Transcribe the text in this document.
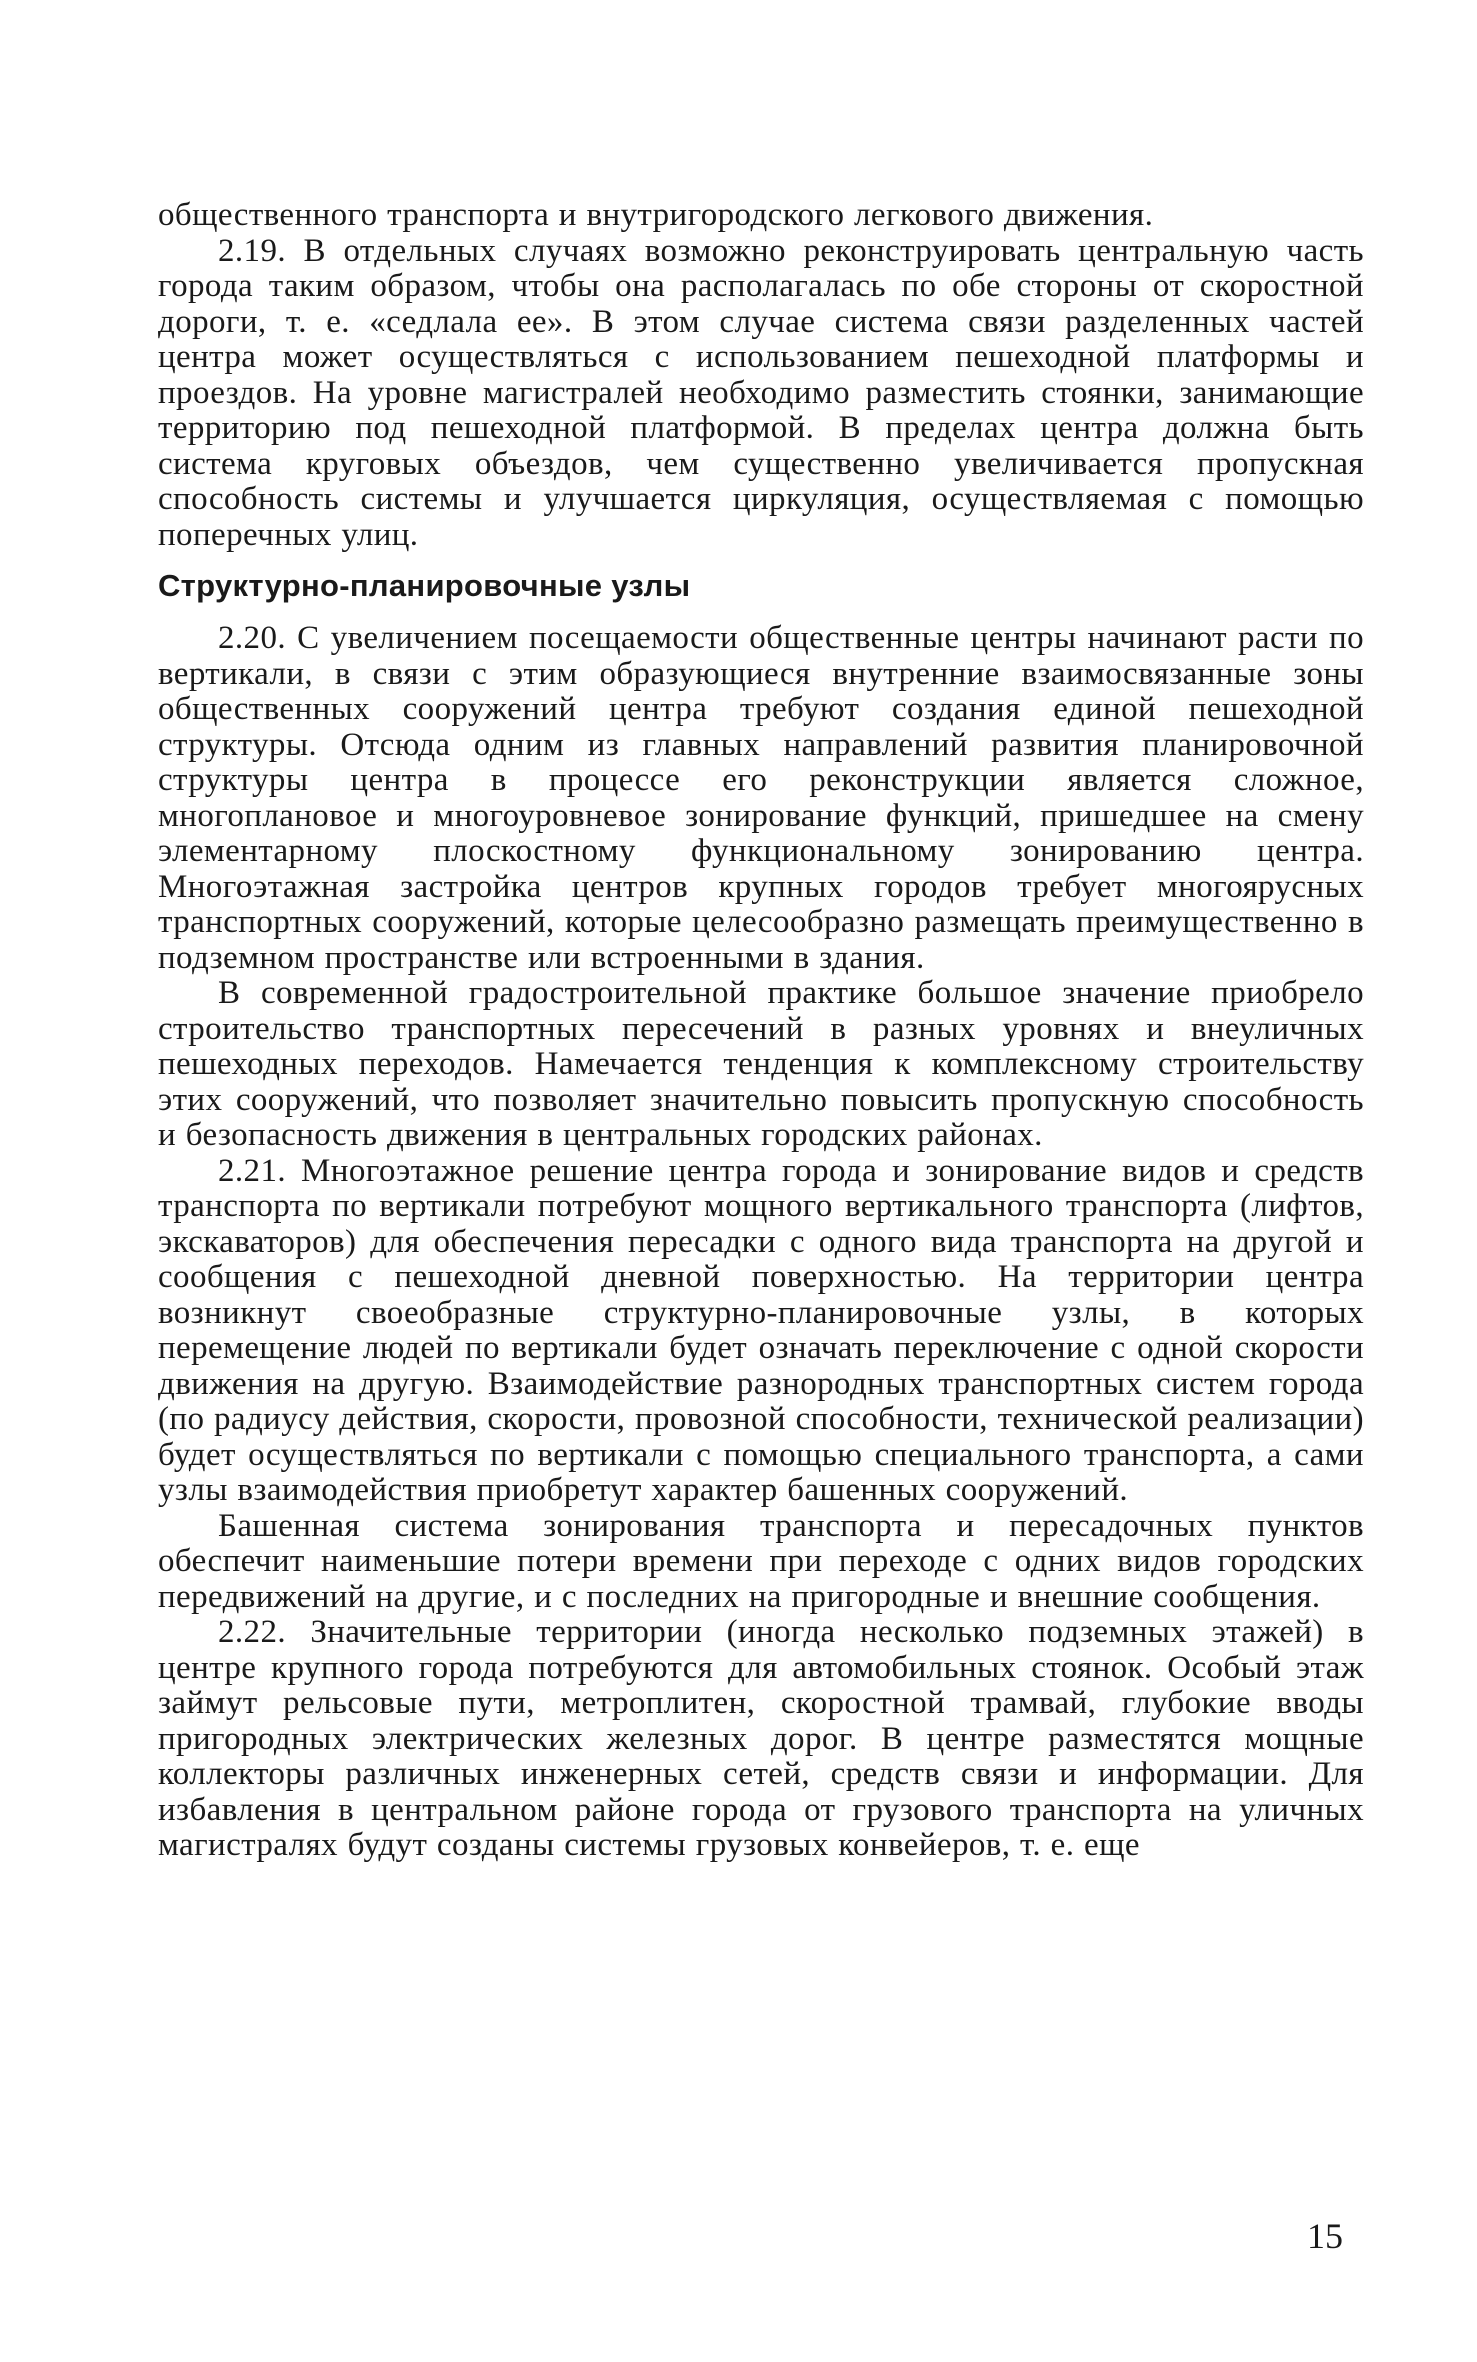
общественного транспорта и внутригородского легкового движения.

2.19. В отдельных случаях возможно реконструировать центральную часть города таким образом, чтобы она располагалась по обе стороны от скоростной дороги, т. е. «седлала ее». В этом случае система связи разделенных частей центра может осуществляться с использованием пешеходной платформы и проездов. На уровне магистралей необходимо разместить стоянки, занимающие территорию под пешеходной платформой. В пределах центра должна быть система круговых объездов, чем существенно увеличивается пропускная способность системы и улучшается циркуляция, осуществляемая с помощью поперечных улиц.

Структурно-планировочные узлы

2.20. С увеличением посещаемости общественные центры начинают расти по вертикали, в связи с этим образующиеся внутренние взаимосвязанные зоны общественных сооружений центра требуют создания единой пешеходной структуры. Отсюда одним из главных направлений развития планировочной структуры центра в процессе его реконструкции является сложное, многоплановое и многоуровневое зонирование функций, пришедшее на смену элементарному плоскостному функциональному зонированию центра. Многоэтажная застройка центров крупных городов требует многоярусных транспортных сооружений, которые целесообразно размещать преимущественно в подземном пространстве или встроенными в здания.

В современной градостроительной практике большое значение приобрело строительство транспортных пересечений в разных уровнях и внеуличных пешеходных переходов. Намечается тенденция к комплексному строительству этих сооружений, что позволяет значительно повысить пропускную способность и безопасность движения в центральных городских районах.

2.21. Многоэтажное решение центра города и зонирование видов и средств транспорта по вертикали потребуют мощного вертикального транспорта (лифтов, экскаваторов) для обеспечения пересадки с одного вида транспорта на другой и сообщения с пешеходной дневной поверхностью. На территории центра возникнут своеобразные структурно-планировочные узлы, в которых перемещение людей по вертикали будет означать переключение с одной скорости движения на другую. Взаимодействие разнородных транспортных систем города (по радиусу действия, скорости, провозной способности, технической реализации) будет осуществляться по вертикали с помощью специального транспорта, а сами узлы взаимодействия приобретут характер башенных сооружений.

Башенная система зонирования транспорта и пересадочных пунктов обеспечит наименьшие потери времени при переходе с одних видов городских передвижений на другие, и с последних на пригородные и внешние сообщения.

2.22. Значительные территории (иногда несколько подземных этажей) в центре крупного города потребуются для автомобильных стоянок. Особый этаж займут рельсовые пути, метроплитен, скоростной трамвай, глубокие вводы пригородных электрических железных дорог. В центре разместятся мощные коллекторы различных инженерных сетей, средств связи и информации. Для избавления в центральном районе города от грузового транспорта на уличных магистралях будут созданы системы грузовых конвейеров, т. е. еще

15
